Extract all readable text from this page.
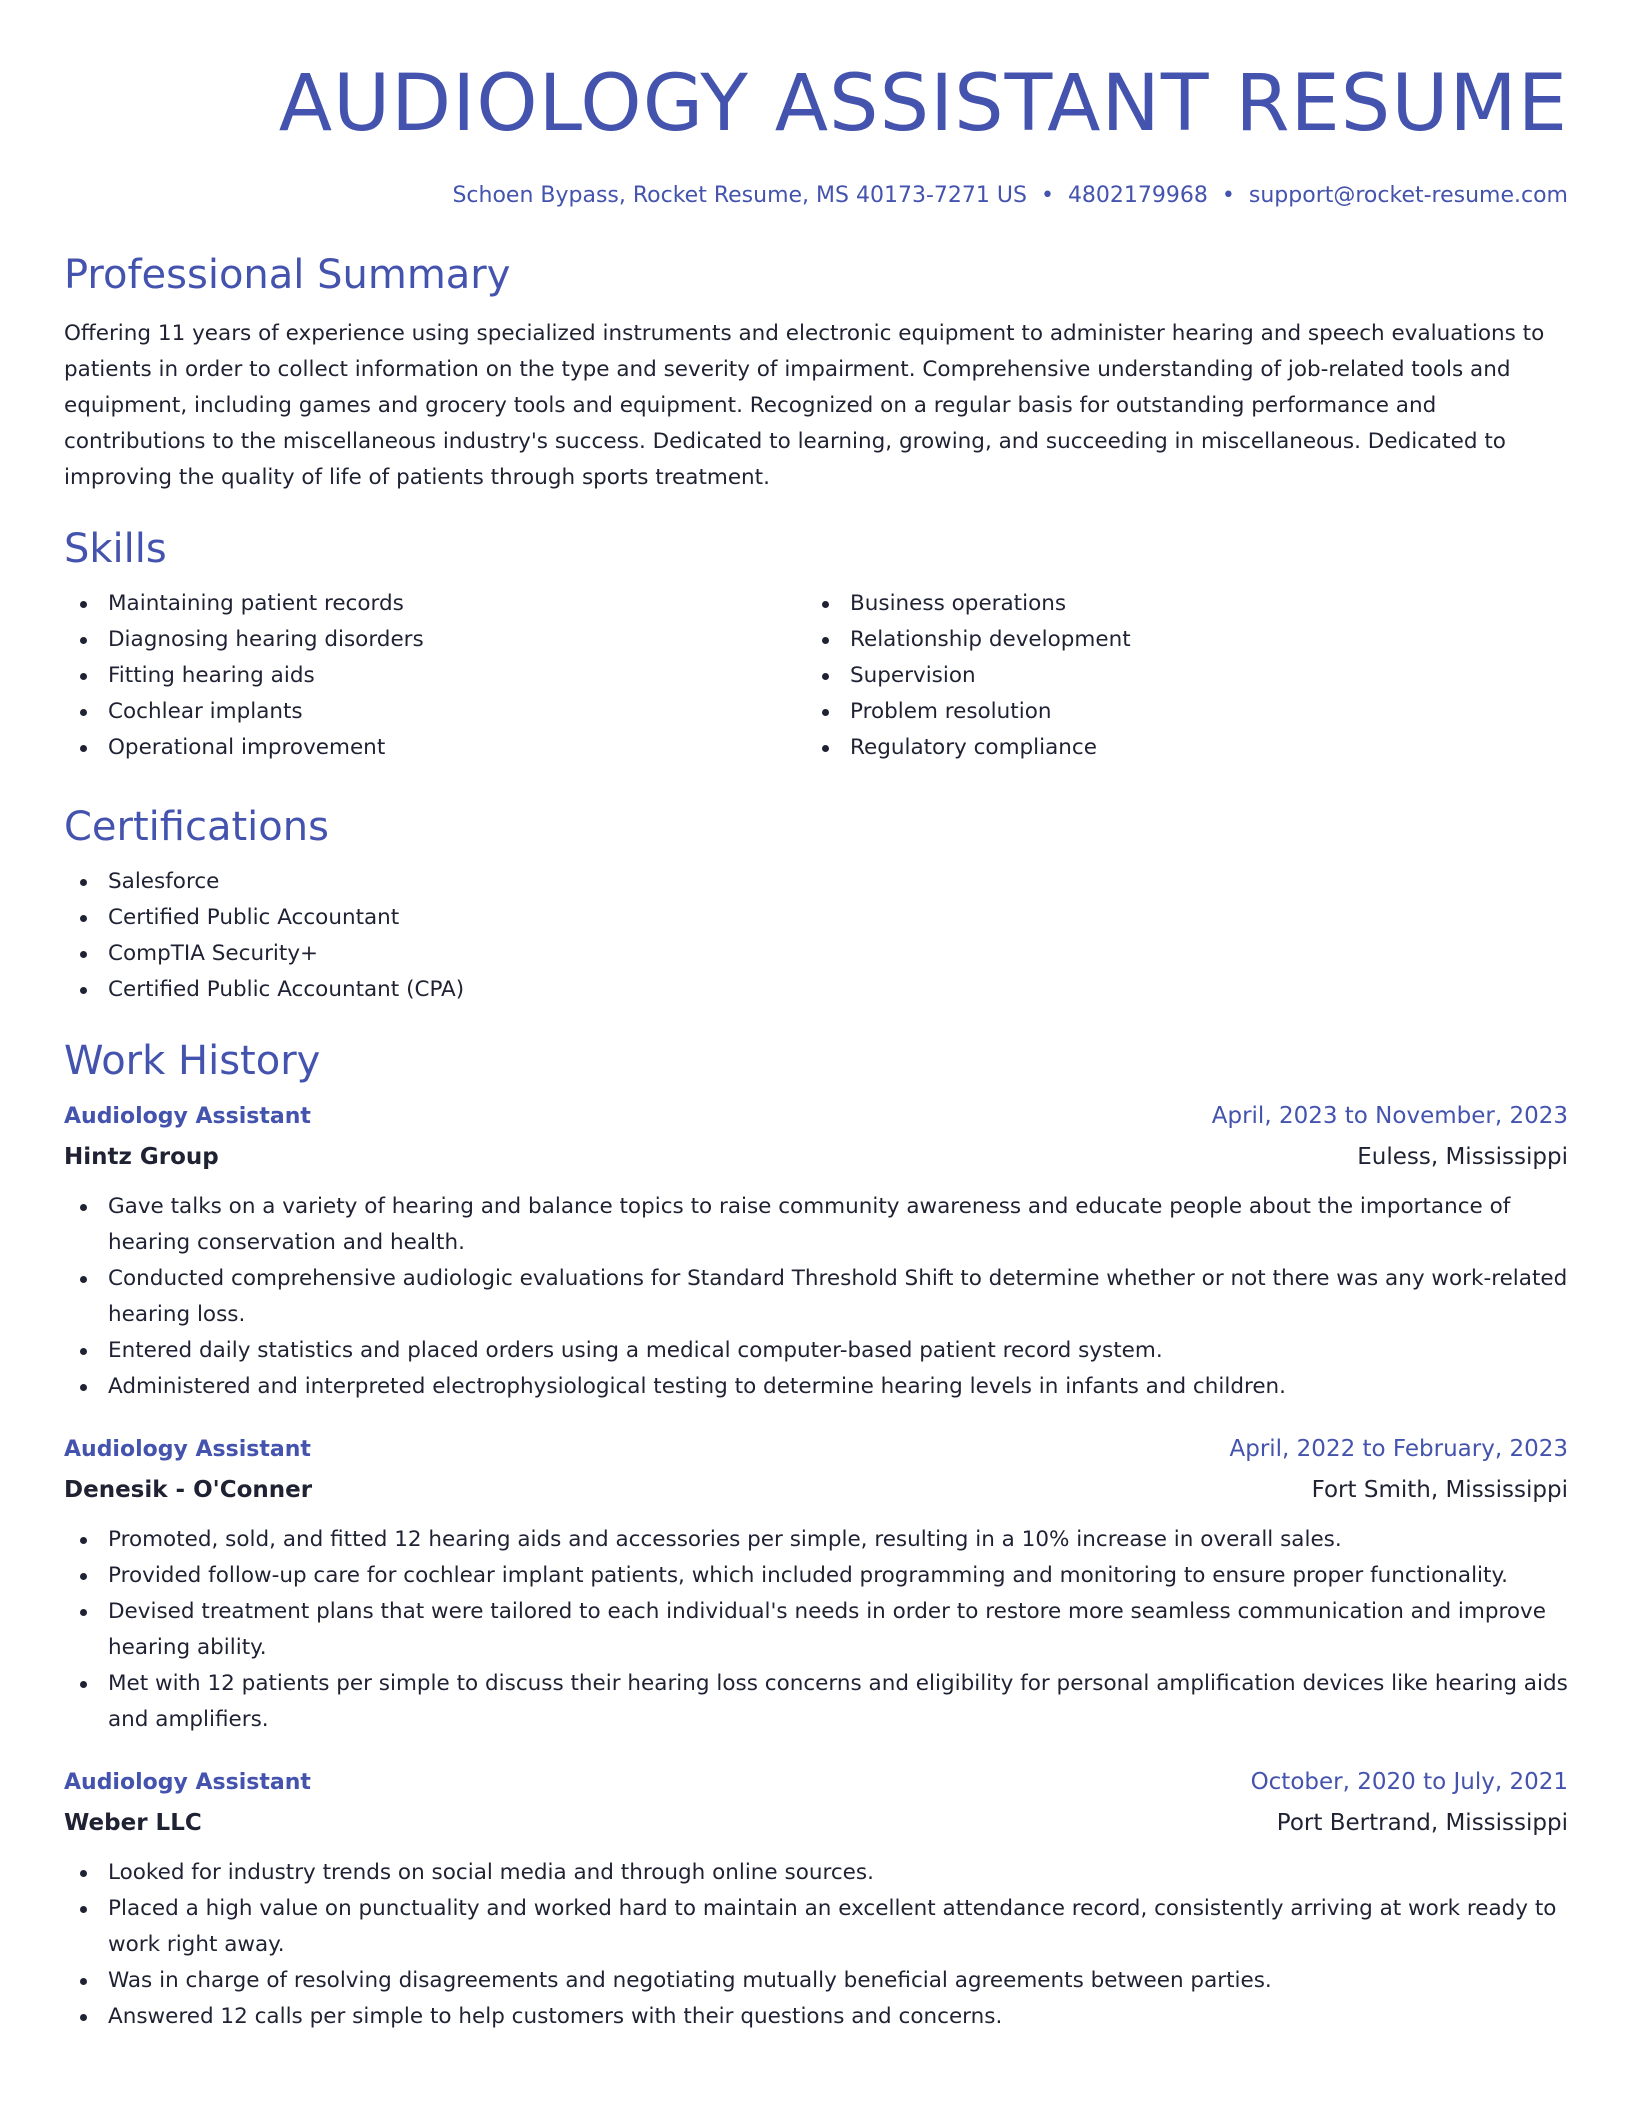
AUDIOLOGY ASSISTANT RESUME
Schoen Bypass, Rocket Resume, MS 40173-7271 US • 4802179968 • support@rocket-resume.com
Professional Summary

Offering 11 years of experience using specialized instruments and electronic equipment to administer hearing and speech evaluations to patients in order to collect information on the type and severity of impairment. Comprehensive understanding of job-related tools and equipment, including games and grocery tools and equipment. Recognized on a regular basis for outstanding performance and contributions to the miscellaneous industry's success. Dedicated to learning, growing, and succeeding in miscellaneous. Dedicated to improving the quality of life of patients through sports treatment.

Skills
Maintaining patient records
Diagnosing hearing disorders
Fitting hearing aids
Cochlear implants
Operational improvement
Business operations
Relationship development
Supervision
Problem resolution
Regulatory compliance
Certifications
Salesforce
Certified Public Accountant
CompTIA Security+
Certified Public Accountant (CPA)
Work History
Audiology Assistant	April, 2023 to November, 2023
Hintz Group	Euless, Mississippi
Gave talks on a variety of hearing and balance topics to raise community awareness and educate people about the importance of hearing conservation and health.
Conducted comprehensive audiologic evaluations for Standard Threshold Shift to determine whether or not there was any work-related hearing loss.
Entered daily statistics and placed orders using a medical computer-based patient record system.
Administered and interpreted electrophysiological testing to determine hearing levels in infants and children.
Audiology Assistant	April, 2022 to February, 2023
Denesik - O'Conner	Fort Smith, Mississippi
Promoted, sold, and fitted 12 hearing aids and accessories per simple, resulting in a 10% increase in overall sales.
Provided follow-up care for cochlear implant patients, which included programming and monitoring to ensure proper functionality.
Devised treatment plans that were tailored to each individual's needs in order to restore more seamless communication and improve hearing ability.
Met with 12 patients per simple to discuss their hearing loss concerns and eligibility for personal amplification devices like hearing aids and amplifiers.
Audiology Assistant	October, 2020 to July, 2021
Weber LLC	Port Bertrand, Mississippi
Looked for industry trends on social media and through online sources.
Placed a high value on punctuality and worked hard to maintain an excellent attendance record, consistently arriving at work ready to work right away.
Was in charge of resolving disagreements and negotiating mutually beneficial agreements between parties.
Answered 12 calls per simple to help customers with their questions and concerns.
